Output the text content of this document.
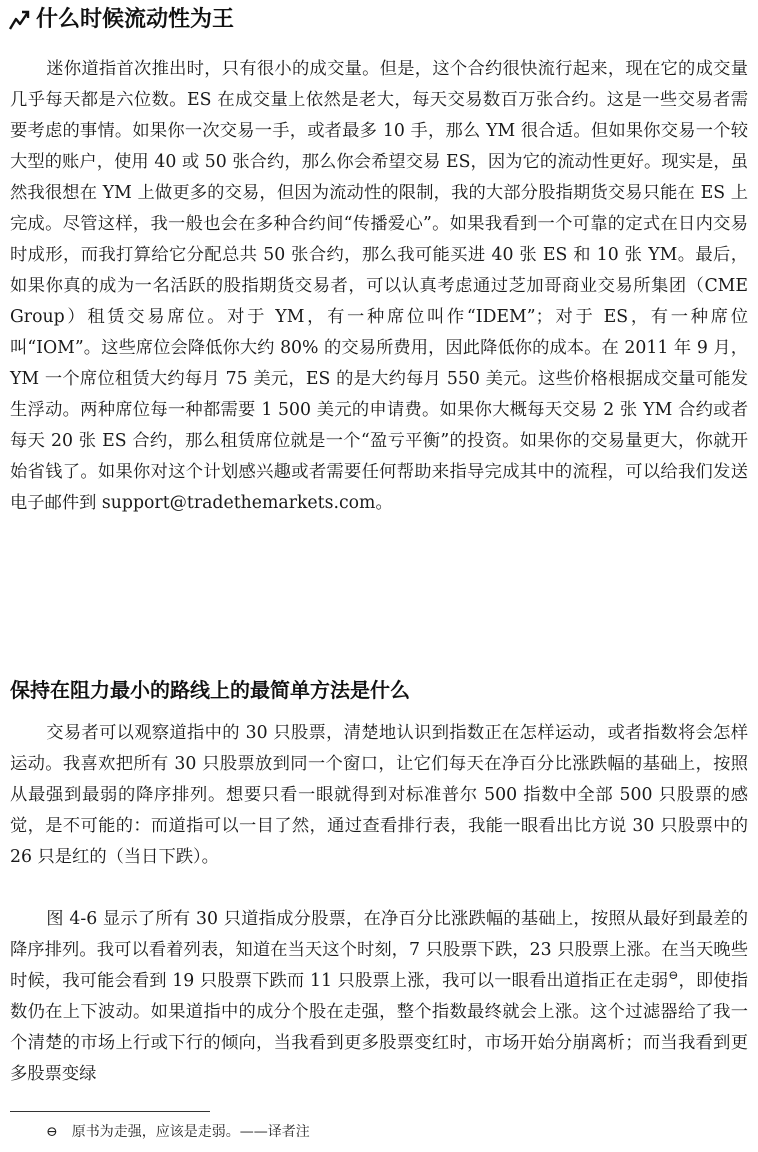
什么时候流动性为王

迷你道指首次推出时，只有很小的成交量。但是，这个合约很快流行起来，现在它的成交量几乎每天都是六位数。ES 在成交量上依然是老大，每天交易数百万张合约。这是一些交易者需要考虑的事情。如果你一次交易一手，或者最多 10 手，那么 YM 很合适。但如果你交易一个较大型的账户，使用 40 或 50 张合约，那么你会希望交易 ES，因为它的流动性更好。现实是，虽然我很想在 YM 上做更多的交易，但因为流动性的限制，我的大部分股指期货交易只能在 ES 上完成。尽管这样，我一般也会在多种合约间“传播爱心”。如果我看到一个可靠的定式在日内交易时成形，而我打算给它分配总共 50 张合约，那么我可能买进 40 张 ES 和 10 张 YM。最后，如果你真的成为一名活跃的股指期货交易者，可以认真考虑通过芝加哥商业交易所集团（CME Group）租赁交易席位。对于 YM，有一种席位叫作“IDEM”；对于 ES，有一种席位叫“IOM”。这些席位会降低你大约 80% 的交易所费用，因此降低你的成本。在 2011 年 9 月，YM 一个席位租赁大约每月 75 美元，ES 的是大约每月 550 美元。这些价格根据成交量可能发生浮动。两种席位每一种都需要 1 500 美元的申请费。如果你大概每天交易 2 张 YM 合约或者每天 20 张 ES 合约，那么租赁席位就是一个“盈亏平衡”的投资。如果你的交易量更大，你就开始省钱了。如果你对这个计划感兴趣或者需要任何帮助来指导完成其中的流程，可以给我们发送电子邮件到 support@tradethemarkets.com。

保持在阻力最小的路线上的最简单方法是什么

交易者可以观察道指中的 30 只股票，清楚地认识到指数正在怎样运动，或者指数将会怎样运动。我喜欢把所有 30 只股票放到同一个窗口，让它们每天在净百分比涨跌幅的基础上，按照从最强到最弱的降序排列。想要只看一眼就得到对标准普尔 500 指数中全部 500 只股票的感觉，是不可能的：而道指可以一目了然，通过查看排行表，我能一眼看出比方说 30 只股票中的 26 只是红的（当日下跌）。

图 4-6 显示了所有 30 只道指成分股票，在净百分比涨跌幅的基础上，按照从最好到最差的降序排列。我可以看着列表，知道在当天这个时刻，7 只股票下跌，23 只股票上涨。在当天晚些时候，我可能会看到 19 只股票下跌而 11 只股票上涨，我可以一眼看出道指正在走弱⊖，即使指数仍在上下波动。如果道指中的成分个股在走强，整个指数最终就会上涨。这个过滤器给了我一个清楚的市场上行或下行的倾向，当我看到更多股票变红时，市场开始分崩离析；而当我看到更多股票变绿

⊖ 原书为走强，应该是走弱。——译者注
